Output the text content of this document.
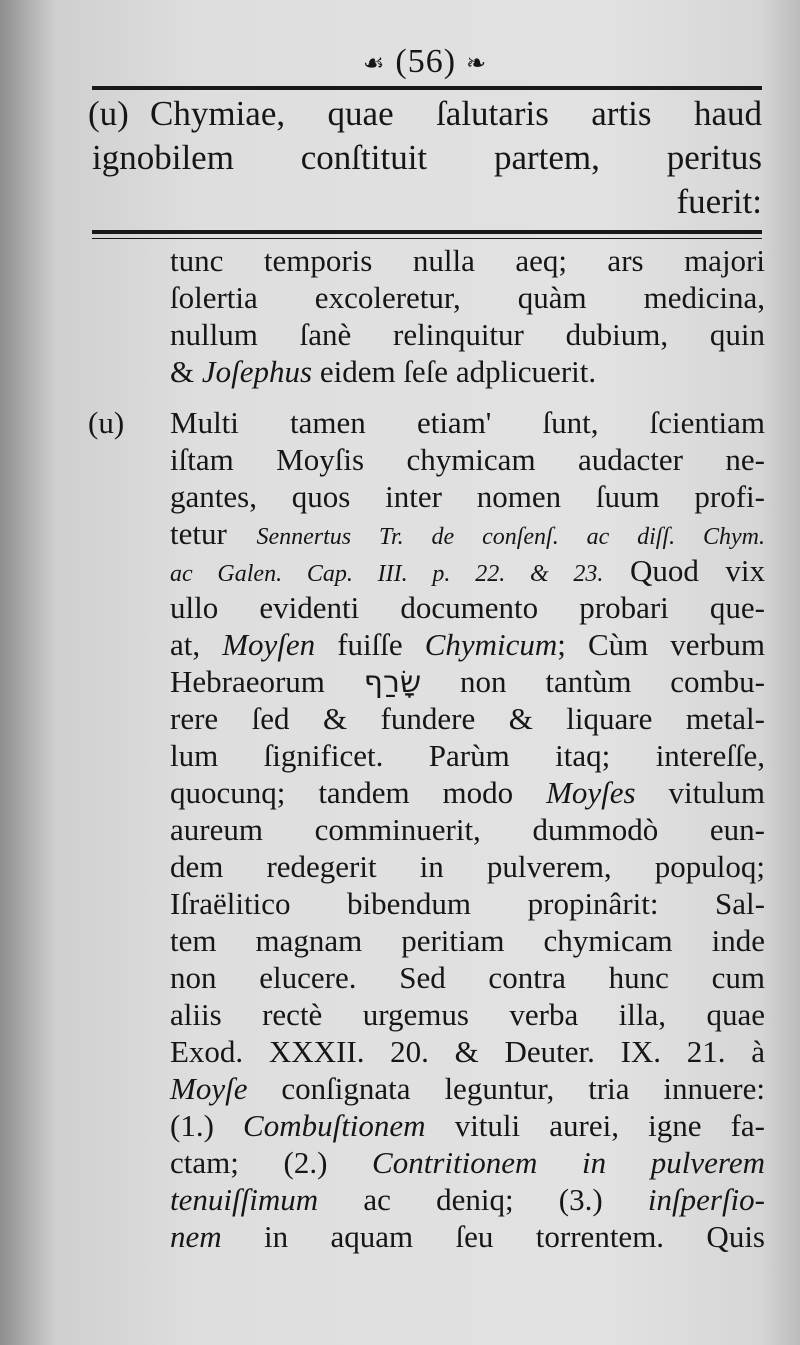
☙ (56) ❧
(u) Chymiae, quae ſalutaris artis haud
ignobilem conſtituit partem, peritus
fuerit:
tunc temporis nulla aeq; ars majori
ſolertia excoleretur, quàm medicina,
nullum ſanè relinquitur dubium, quin
& Joſephus eidem ſeſe adplicuerit.
(u) Multi tamen etiam' ſunt, ſcientiam
iſtam Moyſis chymicam audacter ne-
gantes, quos inter nomen ſuum profi-
tetur Sennertus Tr. de conſenſ. ac diſſ. Chym.
ac Galen. Cap. III. p. 22. & 23. Quod vix
ullo evidenti documento probari que-
at, Moyſen fuiſſe Chymicum; Cùm verbum
Hebraeorum שָׂרַף non tantùm combu-
rere ſed & fundere & liquare metal-
lum ſignificet. Parùm itaq; intereſſe,
quocunq; tandem modo Moyſes vitulum
aureum comminuerit, dummodò eun-
dem redegerit in pulverem, populoq;
Iſraëlitico bibendum propinârit: Sal-
tem magnam peritiam chymicam inde
non elucere. Sed contra hunc cum
aliis rectè urgemus verba illa, quae
Exod. XXXII. 20. & Deuter. IX. 21. à
Moyſe conſignata leguntur, tria innuere:
(1.) Combuſtionem vituli aurei, igne fa-
ctam; (2.) Contritionem in pulverem
tenuiſſimum ac deniq; (3.) inſperſio-
nem in aquam ſeu torrentem. Quis
